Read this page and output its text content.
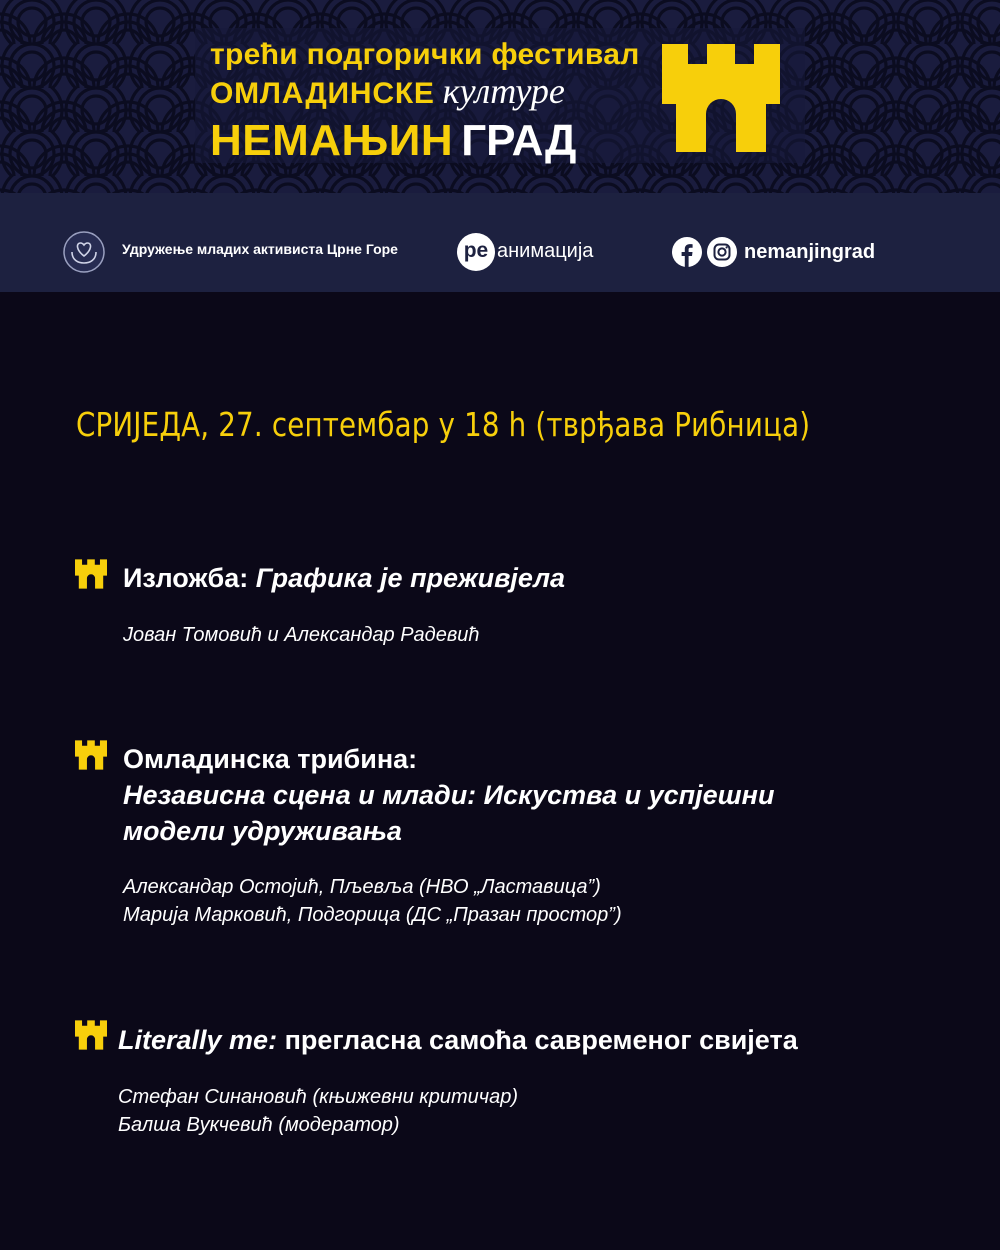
трећи подгорички фестивал
ОМЛАДИНСКЕ културе
НЕМАЊИН ГРАД
Удружење младих активиста Црне Горе	ре анимација	nemanjingrad
СРИЈЕДА, 27. септембар у 18 h (тврђава Рибница)
Изложба: Графика је преживјела
Јован Томовић и Александар Радевић
Омладинска трибина:
Независна сцена и млади: Искуства и успјешни
модели удруживања
Александар Остојић, Пљевља (НВО „Ластавица”)
Марија Марковић, Подгорица (ДС „Празан простор”)
Literally me: прегласна самоћа савременог свијета
Стефан Синановић (књижевни критичар)
Балша Вукчевић (модератор)
